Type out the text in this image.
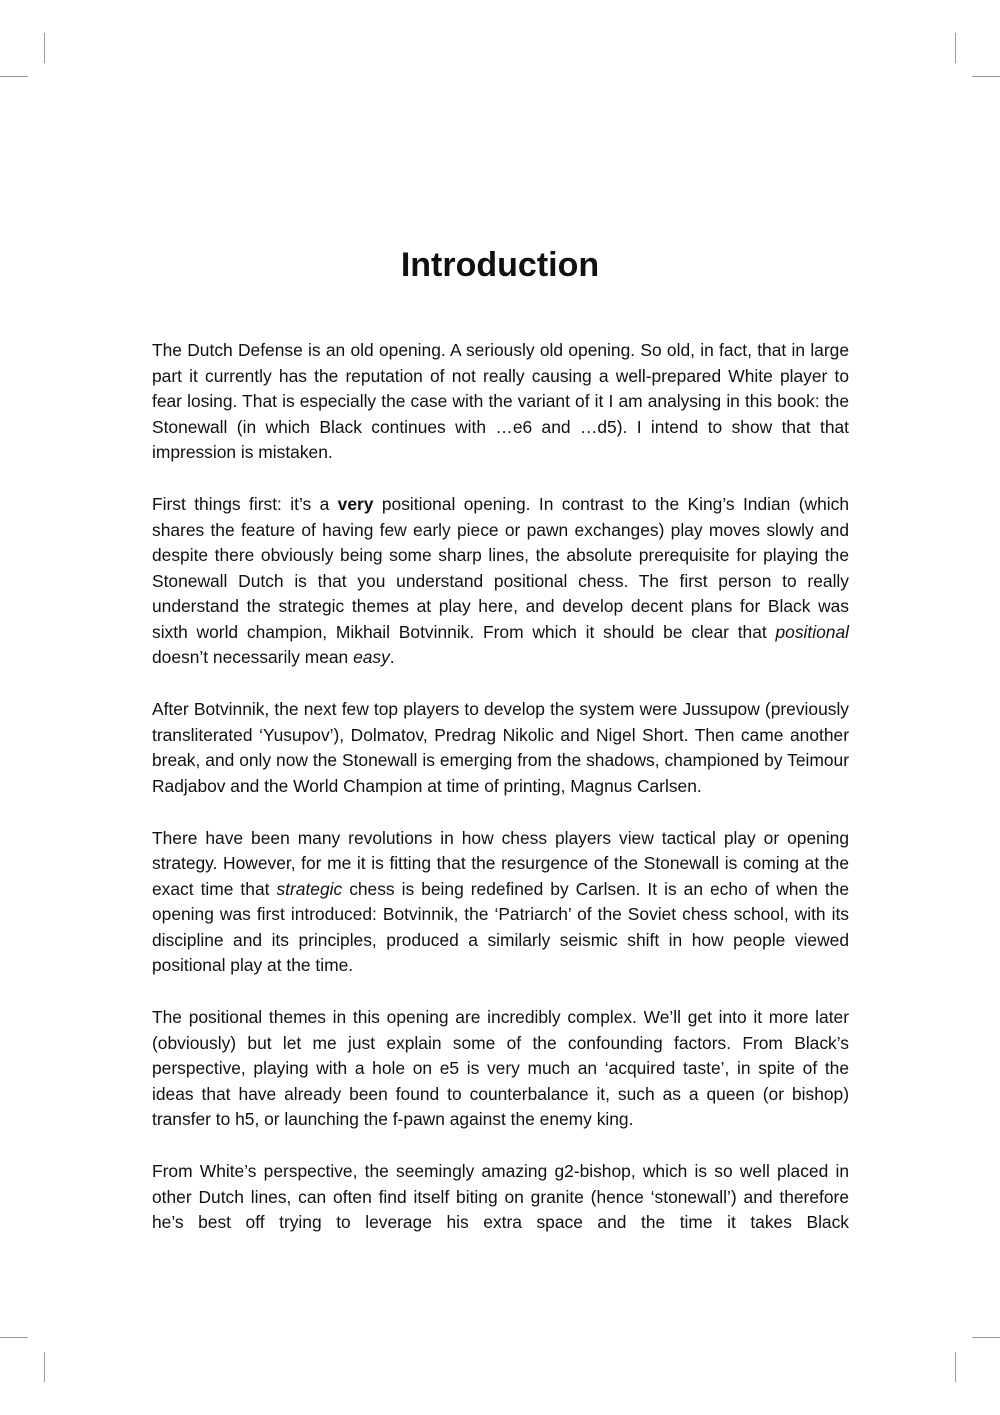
Introduction

The Dutch Defense is an old opening. A seriously old opening. So old, in fact, that in large part it currently has the reputation of not really causing a well-prepared White player to fear losing. That is especially the case with the variant of it I am analysing in this book: the Stonewall (in which Black continues with …e6 and …d5). I intend to show that that impression is mistaken.

First things first: it’s a very positional opening. In contrast to the King’s Indian (which shares the feature of having few early piece or pawn exchanges) play moves slowly and despite there obviously being some sharp lines, the absolute prerequisite for playing the Stonewall Dutch is that you understand positional chess. The first person to really understand the strategic themes at play here, and develop decent plans for Black was sixth world champion, Mikhail Botvinnik. From which it should be clear that positional doesn’t necessarily mean easy.

After Botvinnik, the next few top players to develop the system were Jussupow (previously transliterated ‘Yusupov’), Dolmatov, Predrag Nikolic and Nigel Short. Then came another break, and only now the Stonewall is emerging from the shadows, championed by Teimour Radjabov and the World Champion at time of printing, Magnus Carlsen.

There have been many revolutions in how chess players view tactical play or opening strategy. However, for me it is fitting that the resurgence of the Stonewall is coming at the exact time that strategic chess is being redefined by Carlsen. It is an echo of when the opening was first introduced: Botvinnik, the ‘Patriarch’ of the Soviet chess school, with its discipline and its principles, produced a similarly seismic shift in how people viewed positional play at the time.

The positional themes in this opening are incredibly complex. We’ll get into it more later (obviously) but let me just explain some of the confounding factors. From Black’s perspective, playing with a hole on e5 is very much an ‘acquired taste’, in spite of the ideas that have already been found to counterbalance it, such as a queen (or bishop) transfer to h5, or launching the f-pawn against the enemy king.

From White’s perspective, the seemingly amazing g2-bishop, which is so well placed in other Dutch lines, can often find itself biting on granite (hence ‘stonewall’) and therefore he’s best off trying to leverage his extra space and the time it takes Black
